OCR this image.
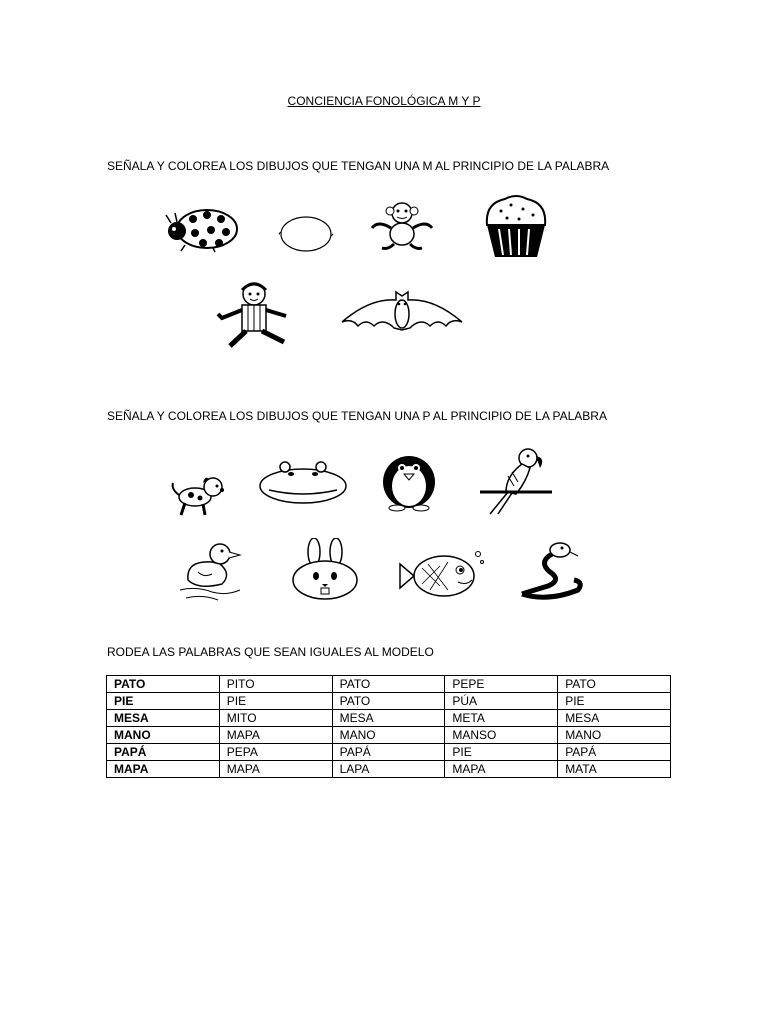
CONCIENCIA FONOLÓGICA M Y P
SEÑALA Y COLOREA LOS DIBUJOS QUE TENGAN UNA M AL PRINCIPIO DE LA PALABRA
SEÑALA Y COLOREA LOS DIBUJOS QUE TENGAN UNA P AL PRINCIPIO DE LA PALABRA
RODEA LAS PALABRAS QUE SEAN IGUALES AL MODELO
PATO	PITO	PATO	PEPE	PATO
PIE	PIE	PATO	PÚA	PIE
MESA	MITO	MESA	META	MESA
MANO	MAPA	MANO	MANSO	MANO
PAPÁ	PEPA	PAPÁ	PIE	PAPÁ
MAPA	MAPA	LAPA	MAPA	MATA
